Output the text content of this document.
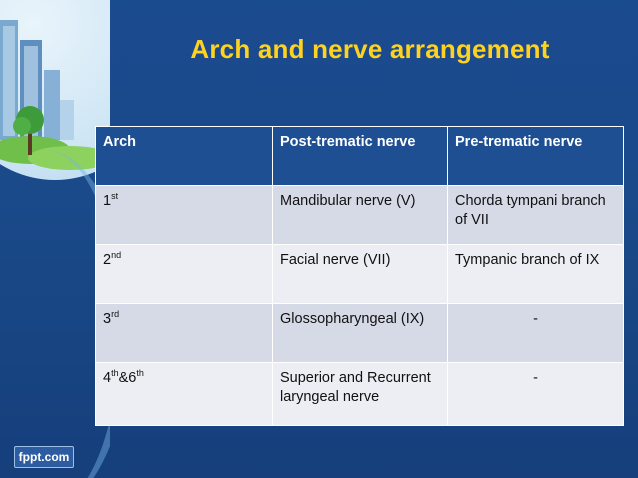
Arch and nerve arrangement
Arch	Post-trematic nerve	Pre-trematic nerve
1st	Mandibular nerve (V)	Chorda tympani branch of VII
2nd	Facial nerve (VII)	Tympanic branch of IX
3rd	Glossopharyngeal (IX)	-
4th&6th	Superior and Recurrent laryngeal nerve	-
fppt.com
